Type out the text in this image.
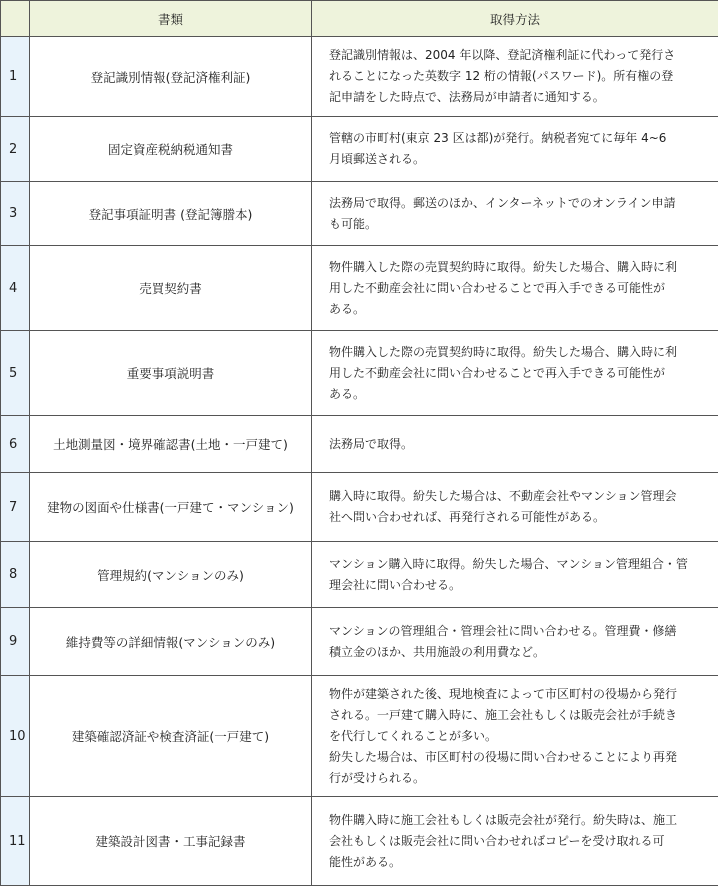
	書類	取得方法
1	登記識別情報(登記済権利証)	登記識別情報は、2004 年以降、登記済権利証に代わって発行さ
れることになった英数字 12 桁の情報(パスワード)。所有権の登
記申請をした時点で、法務局が申請者に通知する。
2	固定資産税納税通知書	管轄の市町村(東京 23 区は都)が発行。納税者宛てに毎年 4~6
月頃郵送される。
3	登記事項証明書 (登記簿謄本)	法務局で取得。郵送のほか、インターネットでのオンライン申請
も可能。
4	売買契約書	物件購入した際の売買契約時に取得。紛失した場合、購入時に利
用した不動産会社に問い合わせることで再入手できる可能性が
ある。
5	重要事項説明書	物件購入した際の売買契約時に取得。紛失した場合、購入時に利
用した不動産会社に問い合わせることで再入手できる可能性が
ある。
6	土地測量図・境界確認書(土地・一戸建て)	法務局で取得。
7	建物の図面や仕様書(一戸建て・マンション)	購入時に取得。紛失した場合は、不動産会社やマンション管理会
社へ問い合わせれば、再発行される可能性がある。
8	管理規約(マンションのみ)	マンション購入時に取得。紛失した場合、マンション管理組合・管
理会社に問い合わせる。
9	維持費等の詳細情報(マンションのみ)	マンションの管理組合・管理会社に問い合わせる。管理費・修繕
積立金のほか、共用施設の利用費など。
10	建築確認済証や検査済証(一戸建て)	物件が建築された後、現地検査によって市区町村の役場から発行
される。一戸建て購入時に、施工会社もしくは販売会社が手続き
を代行してくれることが多い。
紛失した場合は、市区町村の役場に問い合わせることにより再発
行が受けられる。
11	建築設計図書・工事記録書	物件購入時に施工会社もしくは販売会社が発行。紛失時は、施工
会社もしくは販売会社に問い合わせればコピーを受け取れる可
能性がある。
